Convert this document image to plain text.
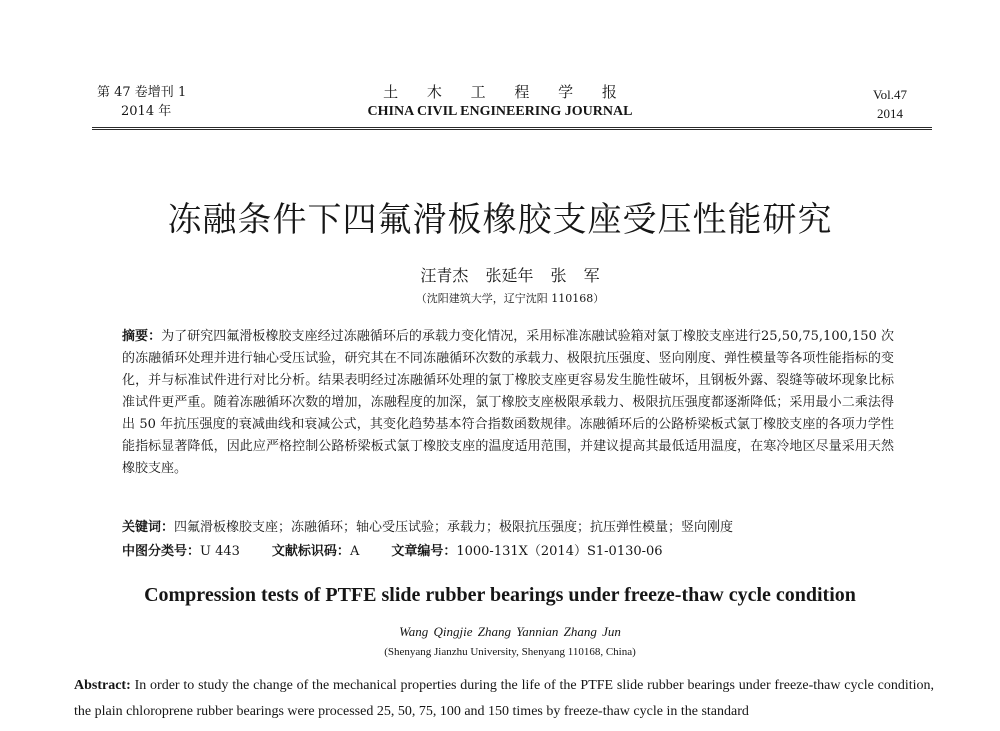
第 47 卷增刊 1
2014 年
土 木 工 程 学 报
CHINA CIVIL ENGINEERING JOURNAL
Vol.47
2014
冻融条件下四氟滑板橡胶支座受压性能研究
汪青杰 张延年 张 军
（沈阳建筑大学，辽宁沈阳 110168）
摘要：为了研究四氟滑板橡胶支座经过冻融循环后的承载力变化情况，采用标准冻融试验箱对氯丁橡胶支座进行25,50,75,100,150 次的冻融循环处理并进行轴心受压试验，研究其在不同冻融循环次数的承载力、极限抗压强度、竖向刚度、弹性模量等各项性能指标的变化，并与标准试件进行对比分析。结果表明经过冻融循环处理的氯丁橡胶支座更容易发生脆性破坏，且钢板外露、裂缝等破坏现象比标准试件更严重。随着冻融循环次数的增加，冻融程度的加深，氯丁橡胶支座极限承载力、极限抗压强度都逐渐降低；采用最小二乘法得出 50 年抗压强度的衰减曲线和衰减公式，其变化趋势基本符合指数函数规律。冻融循环后的公路桥梁板式氯丁橡胶支座的各项力学性能指标显著降低，因此应严格控制公路桥梁板式氯丁橡胶支座的温度适用范围，并建议提高其最低适用温度，在寒冷地区尽量采用天然橡胶支座。
关键词：四氟滑板橡胶支座；冻融循环；轴心受压试验；承载力；极限抗压强度；抗压弹性模量；竖向刚度
中图分类号：U 443 文献标识码：A 文章编号：1000-131X（2014）S1-0130-06
Compression tests of PTFE slide rubber bearings under freeze-thaw cycle condition
Wang Qingjie Zhang Yannian Zhang Jun
(Shenyang Jianzhu University, Shenyang 110168, China)
Abstract: In order to study the change of the mechanical properties during the life of the PTFE slide rubber bearings under freeze-thaw cycle condition, the plain chloroprene rubber bearings were processed 25, 50, 75, 100 and 150 times by freeze-thaw cycle in the standard
